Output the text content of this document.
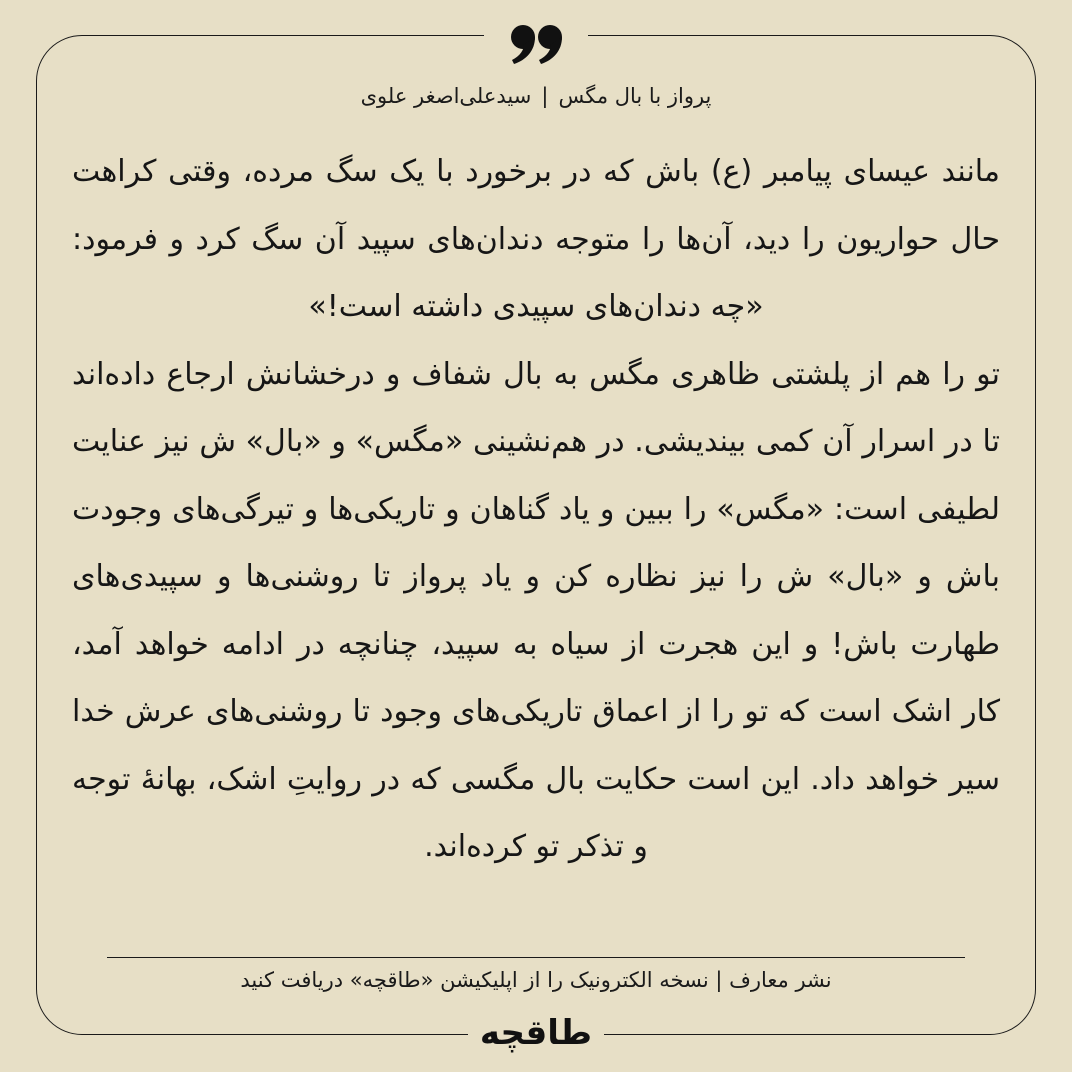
پرواز با بال مگس|سیدعلی‌اصغر علوی

مانند عیسای پیامبر (ع) باش که در برخورد با یک سگ مرده، وقتی کراهت حال حواریون را دید، آن‌ها را متوجه دندان‌های سپید آن سگ کرد و فرمود: «چه دندان‌های سپیدی داشته است!»

تو را هم از پلشتی ظاهری مگس به بال شفاف و درخشانش ارجاع داده‌اند تا در اسرار آن کمی بیندیشی. در هم‌نشینی «مگس» و «بال» ش نیز عنایت لطیفی است: «مگس» را ببین و یاد گناهان و تاریکی‌ها و تیرگی‌های وجودت باش و «بال» ش را نیز نظاره کن و یاد پرواز تا روشنی‌ها و سپیدی‌های طهارت باش! و این هجرت از سیاه به سپید، چنانچه در ادامه خواهد آمد، کار اشک است که تو را از اعماق تاریکی‌های وجود تا روشنی‌های عرش خدا سیر خواهد داد. این است حکایت بال مگسی که در روایتِ اشک، بهانهٔ توجه و تذکر تو کرده‌اند.

نشر معارف | نسخه الکترونیک را از اپلیکیشن «طاقچه» دریافت کنید
طاقچه
